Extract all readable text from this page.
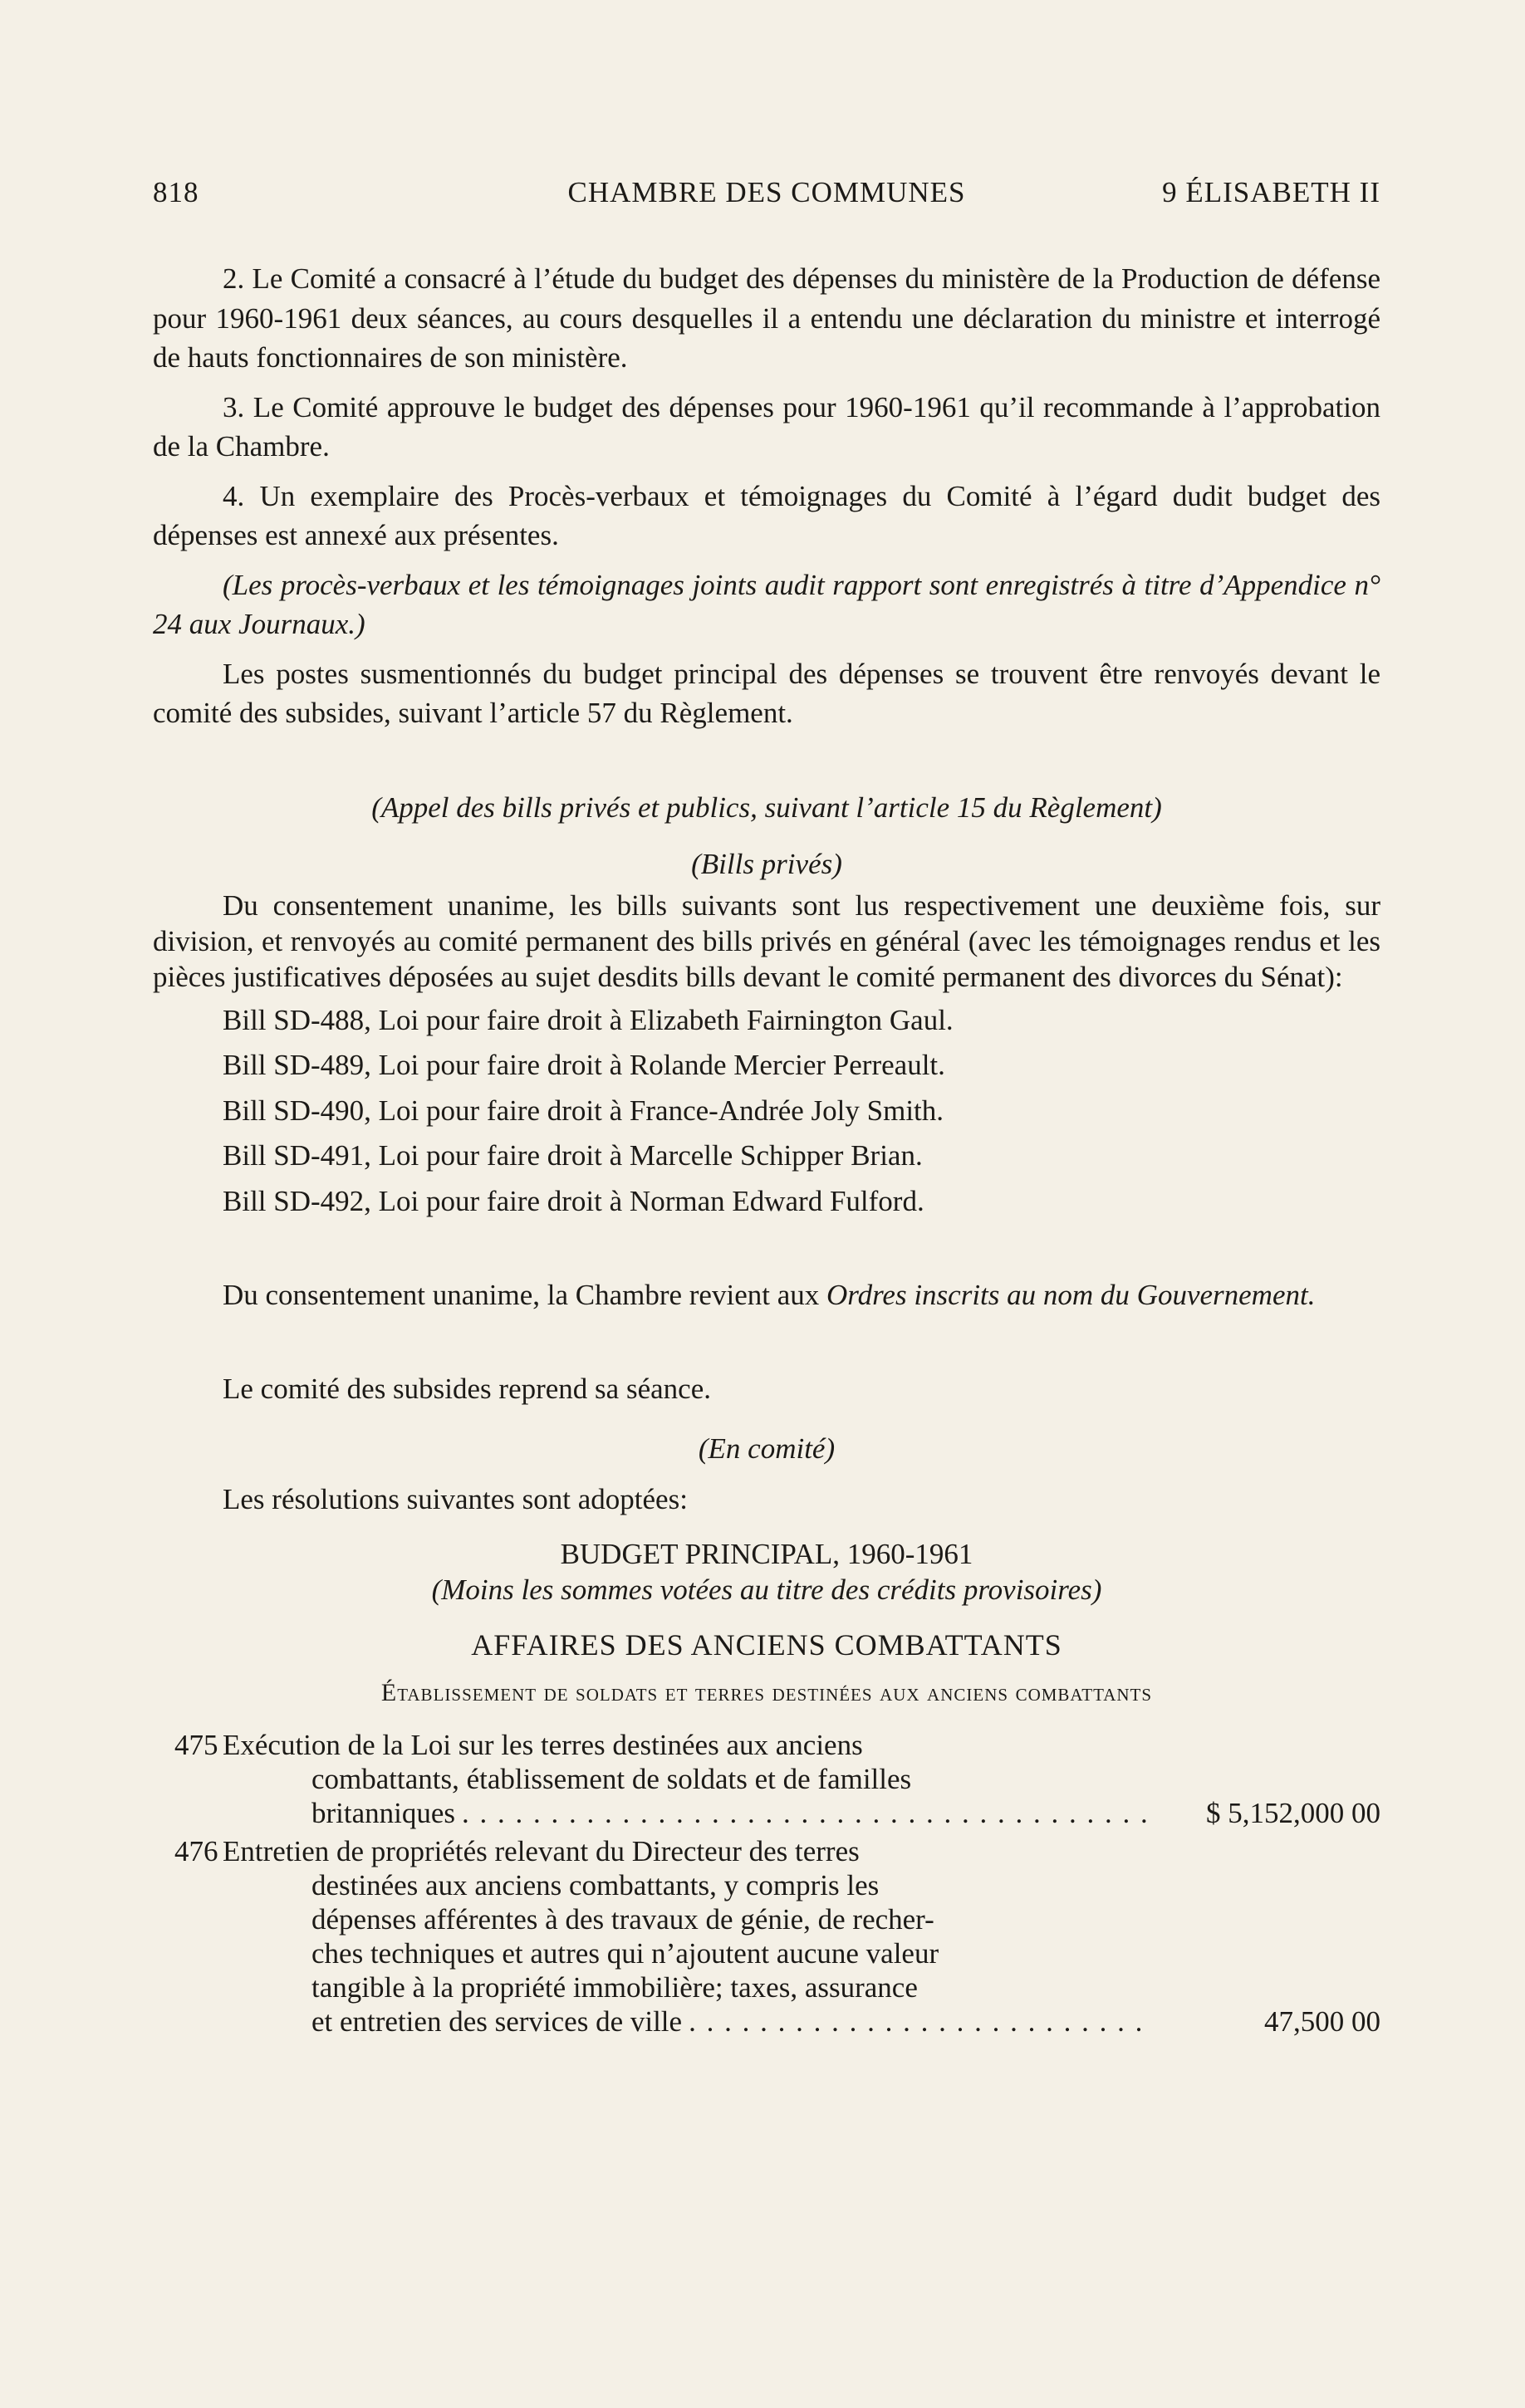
818	CHAMBRE DES COMMUNES	9 ÉLISABETH II

2. Le Comité a consacré à l’étude du budget des dépenses du ministère de la Production de défense pour 1960-1961 deux séances, au cours desquelles il a entendu une déclaration du ministre et interrogé de hauts fonctionnaires de son ministère.

3. Le Comité approuve le budget des dépenses pour 1960-1961 qu’il recommande à l’approbation de la Chambre.

4. Un exemplaire des Procès-verbaux et témoignages du Comité à l’égard dudit budget des dépenses est annexé aux présentes.

(Les procès-verbaux et les témoignages joints audit rapport sont enregistrés à titre d’Appendice n° 24 aux Journaux.)

Les postes susmentionnés du budget principal des dépenses se trouvent être renvoyés devant le comité des subsides, suivant l’article 57 du Règlement.

(Appel des bills privés et publics, suivant l’article 15 du Règlement)

(Bills privés)

Du consentement unanime, les bills suivants sont lus respectivement une deuxième fois, sur division, et renvoyés au comité permanent des bills privés en général (avec les témoignages rendus et les pièces justificatives déposées au sujet desdits bills devant le comité permanent des divorces du Sénat):

Bill SD-488, Loi pour faire droit à Elizabeth Fairnington Gaul.

Bill SD-489, Loi pour faire droit à Rolande Mercier Perreault.

Bill SD-490, Loi pour faire droit à France-Andrée Joly Smith.

Bill SD-491, Loi pour faire droit à Marcelle Schipper Brian.

Bill SD-492, Loi pour faire droit à Norman Edward Fulford.

Du consentement unanime, la Chambre revient aux Ordres inscrits au nom du Gouvernement.

Le comité des subsides reprend sa séance.

(En comité)

Les résolutions suivantes sont adoptées:

BUDGET PRINCIPAL, 1960-1961

(Moins les sommes votées au titre des crédits provisoires)

AFFAIRES DES ANCIENS COMBATTANTS

Établissement de soldats et terres destinées aux anciens combattants

475 Exécution de la Loi sur les terres destinées aux anciens
combattants, établissement de soldats et de familles
britanniques . . .	$ 5,152,000 00
476 Entretien de propriétés relevant du Directeur des terres
destinées aux anciens combattants, y compris les
dépenses afférentes à des travaux de génie, de recher-
ches techniques et autres qui n’ajoutent aucune valeur
tangible à la propriété immobilière; taxes, assurance
et entretien des services de ville . . .	47,500 00
